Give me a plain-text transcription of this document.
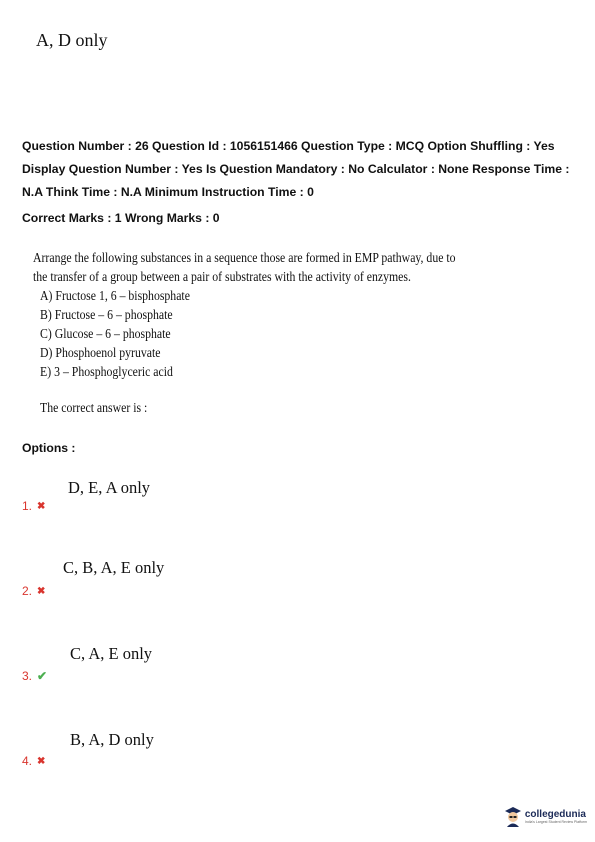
A, D only
Question Number : 26 Question Id : 1056151466 Question Type : MCQ Option Shuffling : Yes Display Question Number : Yes Is Question Mandatory : No Calculator : None Response Time : N.A Think Time : N.A Minimum Instruction Time : 0
Correct Marks : 1 Wrong Marks : 0
Arrange the following substances in a sequence those are formed in EMP pathway, due to
the transfer of a group between a pair of substrates with the activity of enzymes.
A) Fructose 1, 6 – bisphosphate
B) Fructose – 6 – phosphate
C) Glucose – 6 – phosphate
D) Phosphoenol pyruvate
E) 3 – Phosphoglyceric acid
The correct answer is :
Options :
D, E, A only
1. ✖
C, B, A, E only
2. ✖
C, A, E only
3. ✔
B, A, D only
4. ✖
collegedunia
India's Largest Student Review Platform
